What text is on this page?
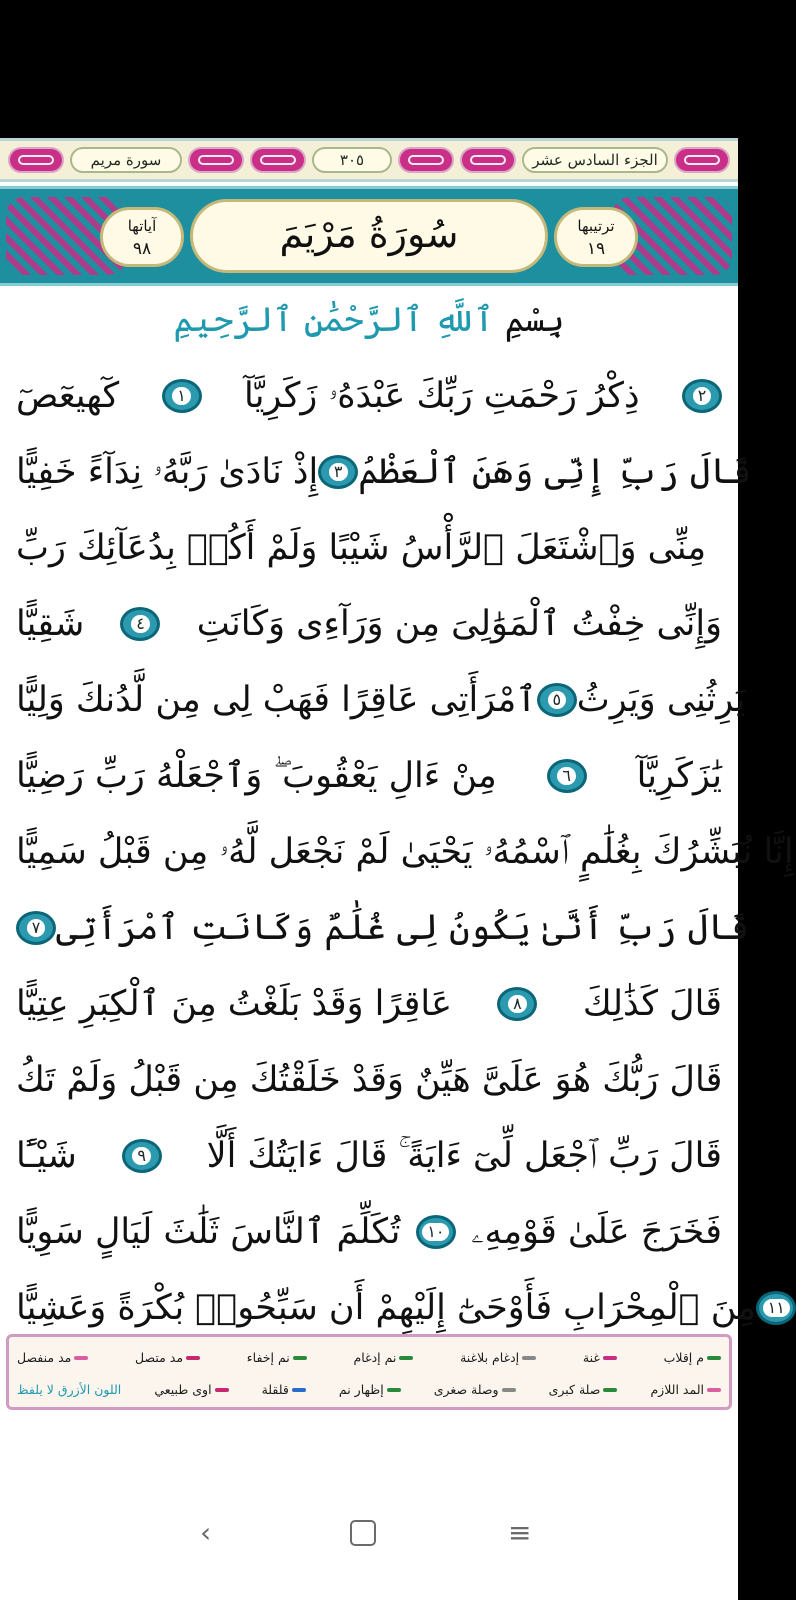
سورة مريم	٣٠٥	الجزء السادس عشر
آياتها
٩٨	سُورَةُ مَرْيَمَ	ترتيبها
١٩
بِسْمِ ٱللَّهِ ٱلرَّحْمَٰنِ ٱلرَّحِيمِ
كٓهيعٓصٓ	١	ذِكْرُ رَحْمَتِ رَبِّكَ عَبْدَهُۥ زَكَرِيَّآ	٢
إِذْ نَادَىٰ رَبَّهُۥ نِدَآءً خَفِيًّا ٣ قَالَ رَبِّ إِنِّى وَهَنَ ٱلْعَظْمُ
مِنِّى وَٱشْتَعَلَ ٱلرَّأْسُ شَيْبًا وَلَمْ أَكُنۢ بِدُعَآئِكَ رَبِّ
شَقِيًّا	٤	وَإِنِّى خِفْتُ ٱلْمَوَٰلِىَ مِن وَرَآءِى وَكَانَتِ
ٱمْرَأَتِى عَاقِرًا فَهَبْ لِى مِن لَّدُنكَ وَلِيًّا ٥ يَرِثُنِى وَيَرِثُ
مِنْ ءَالِ يَعْقُوبَ ۖ وَٱجْعَلْهُ رَبِّ رَضِيًّا	٦	يَٰزَكَرِيَّآ
إِنَّا نُبَشِّرُكَ بِغُلَٰمٍ ٱسْمُهُۥ يَحْيَىٰ لَمْ نَجْعَل لَّهُۥ مِن قَبْلُ سَمِيًّا
٧ قَالَ رَبِّ أَنَّىٰ يَكُونُ لِى غُلَٰمٌ وَكَانَتِ ٱمْرَأَتِى
عَاقِرًا وَقَدْ بَلَغْتُ مِنَ ٱلْكِبَرِ عِتِيًّا	٨	قَالَ كَذَٰلِكَ
قَالَ رَبُّكَ هُوَ عَلَىَّ هَيِّنٌ وَقَدْ خَلَقْتُكَ مِن قَبْلُ وَلَمْ تَكُ
شَيْـًٔا	٩	قَالَ رَبِّ ٱجْعَل لِّىٓ ءَايَةً ۚ قَالَ ءَايَتُكَ أَلَّا
تُكَلِّمَ ٱلنَّاسَ ثَلَٰثَ لَيَالٍ سَوِيًّا	١٠ فَخَرَجَ عَلَىٰ قَوْمِهِۦ
مِنَ ٱلْمِحْرَابِ فَأَوْحَىٰٓ إِلَيْهِمْ أَن سَبِّحُوا۟ بُكْرَةً وَعَشِيًّا ١١
م إقلاب
غنة
إدغام بلاغنة
نم إدغام
نم إخفاء
مد متصل
مد منفصل
المد اللازم
صلة كبرى
وصلة صغرى
إظهار نم
قلقلة
اوى طبيعي
اللون الأزرق لا يلفظ
‹	≡
